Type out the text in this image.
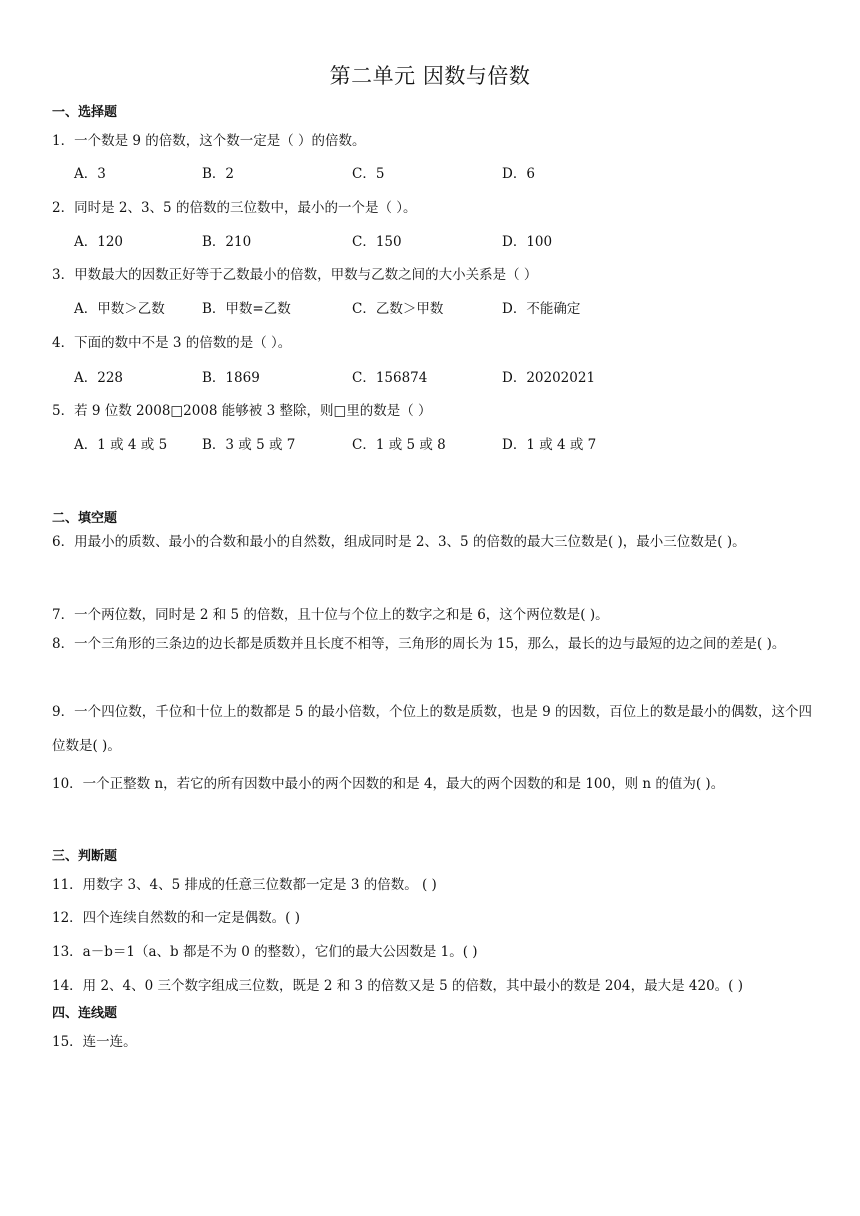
第二单元 因数与倍数
一、选择题
1．一个数是 9 的倍数，这个数一定是（ ）的倍数。
A．3	B．2	C．5	D．6
2．同时是 2、3、5 的倍数的三位数中，最小的一个是（ ）。
A．120	B．210	C．150	D．100
3．甲数最大的因数正好等于乙数最小的倍数，甲数与乙数之间的大小关系是（ ）
A．甲数＞乙数	B．甲数=乙数	C．乙数＞甲数	D．不能确定
4．下面的数中不是 3 的倍数的是（ ）。
A．228	B．1869	C．156874	D．20202021
5．若 9 位数 2008□2008 能够被 3 整除，则□里的数是（ ）
A．1 或 4 或 5	B．3 或 5 或 7	C．1 或 5 或 8	D．1 或 4 或 7
二、填空题
6．用最小的质数、最小的合数和最小的自然数，组成同时是 2、3、5 的倍数的最大三位数是( )，最小三位数是( )。
7．一个两位数，同时是 2 和 5 的倍数，且十位与个位上的数字之和是 6，这个两位数是( )。
8．一个三角形的三条边的边长都是质数并且长度不相等，三角形的周长为 15，那么，最长的边与最短的边之间的差是( )。
9．一个四位数，千位和十位上的数都是 5 的最小倍数，个位上的数是质数，也是 9 的因数，百位上的数是最小的偶数，这个四位数是( )。
10．一个正整数 n，若它的所有因数中最小的两个因数的和是 4，最大的两个因数的和是 100，则 n 的值为( )。
三、判断题
11．用数字 3、4、5 排成的任意三位数都一定是 3 的倍数。 ( )
12．四个连续自然数的和一定是偶数。( )
13．a－b＝1（a、b 都是不为 0 的整数），它们的最大公因数是 1。( )
14．用 2、4、0 三个数字组成三位数，既是 2 和 3 的倍数又是 5 的倍数，其中最小的数是 204，最大是 420。( )
四、连线题
15．连一连。
